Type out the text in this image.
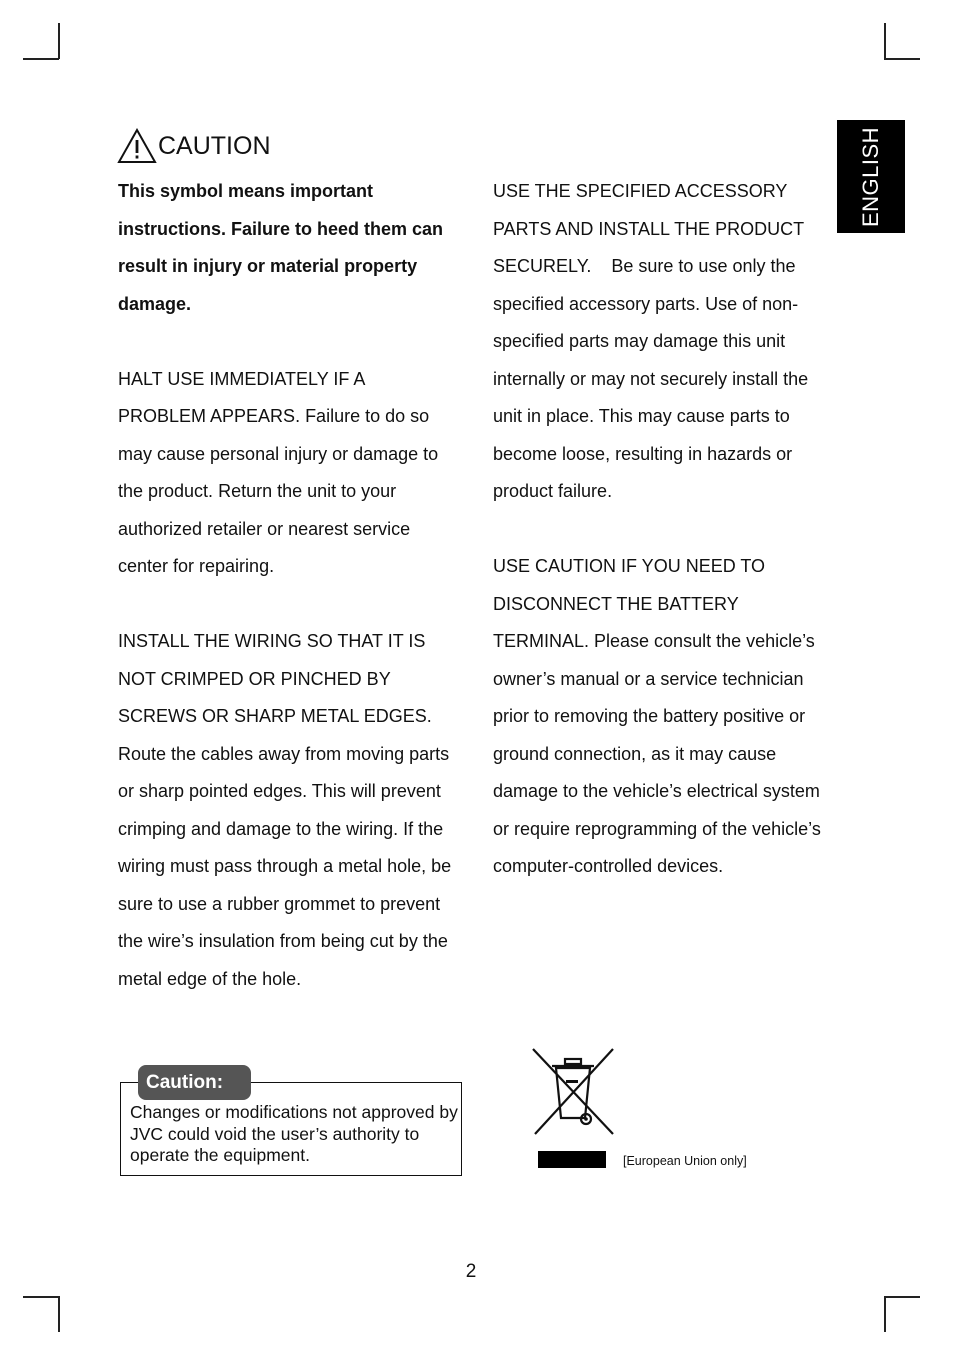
ENGLISH
CAUTION

This symbol means important instructions. Failure to heed them can result in injury or material property damage.

HALT USE IMMEDIATELY IF A PROBLEM APPEARS. Failure to do so may cause personal injury or damage to the product. Return the unit to your authorized retailer or nearest service center for repairing.

INSTALL THE WIRING SO THAT IT IS NOT CRIMPED OR PINCHED BY SCREWS OR SHARP METAL EDGES. Route the cables away from moving parts or sharp pointed edges. This will prevent crimping and damage to the wiring. If the wiring must pass through a metal hole, be sure to use a rubber grommet to prevent the wire’s insulation from being cut by the metal edge of the hole.

USE THE SPECIFIED ACCESSORY PARTS AND INSTALL THE PRODUCT SECURELY.    Be sure to use only the specified accessory parts. Use of non-specified parts may damage this unit internally or may not securely install the unit in place. This may cause parts to become loose, resulting in hazards or product failure.

USE CAUTION IF YOU NEED TO DISCONNECT THE BATTERY TERMINAL. Please consult the vehicle’s owner’s manual or a service technician prior to removing the battery positive or ground connection, as it may cause damage to the vehicle’s electrical system or require reprogramming of the vehicle’s computer-controlled devices.

Caution:
Changes or modifications not approved by JVC could void the user’s authority to operate the equipment.	[European Union only]
2
